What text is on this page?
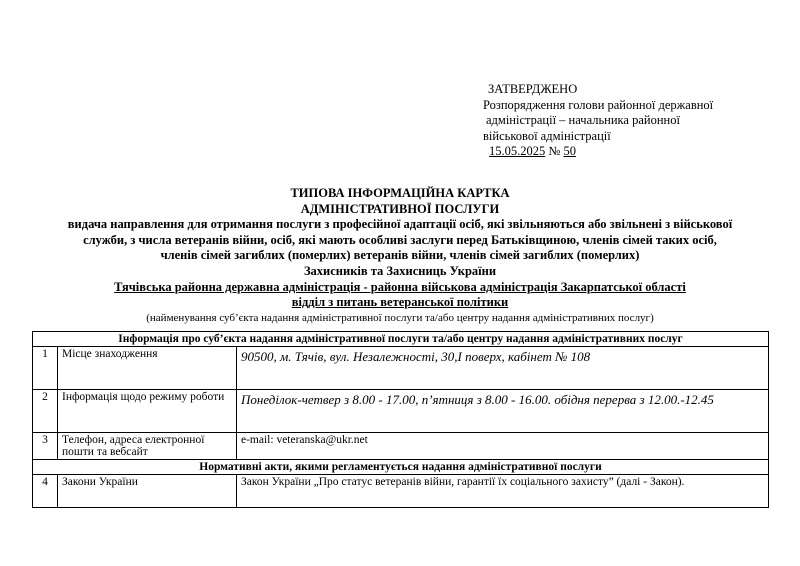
ЗАТВЕРДЖЕНО
Розпорядження голови районної державної
адміністрації – начальника районної
військової адміністрації
15.05.2025 № 50
ТИПОВА ІНФОРМАЦІЙНА КАРТКА
АДМІНІСТРАТИВНОЇ ПОСЛУГИ
видача направлення для отримання послуги з професійної адаптації осіб, які звільняються або звільнені з військової
служби, з числа ветеранів війни, осіб, які мають особливі заслуги перед Батьківщиною, членів сімей таких осіб,
членів сімей загиблих (померлих) ветеранів війни, членів сімей загиблих (померлих)
Захисників та Захисниць України
Тячівська районна державна адміністрація - районна військова адміністрація Закарпатської області
відділ з питань ветеранської політики
(найменування суб’єкта надання адміністративної послуги та/або центру надання адміністративних послуг)
Інформація про суб’єкта надання адміністративної послуги та/або центру надання адміністративних послуг		
1	Місце знаходження	90500, м. Тячів, вул. Незалежності, 30,І поверх, кабінет № 108
2	Інформація щодо режиму роботи	Понеділок-четвер з 8.00 - 17.00, п’ятниця з 8.00 - 16.00. обідня перерва з 12.00.-12.45
3	Телефон, адреса електронної пошти та вебсайт	e-mail: veteranska@ukr.net
Нормативні акти, якими регламентується надання адміністративної послуги		
4	Закони України	Закон України „Про статус ветеранів війни, гарантії їх соціального захисту” (далі - Закон).
